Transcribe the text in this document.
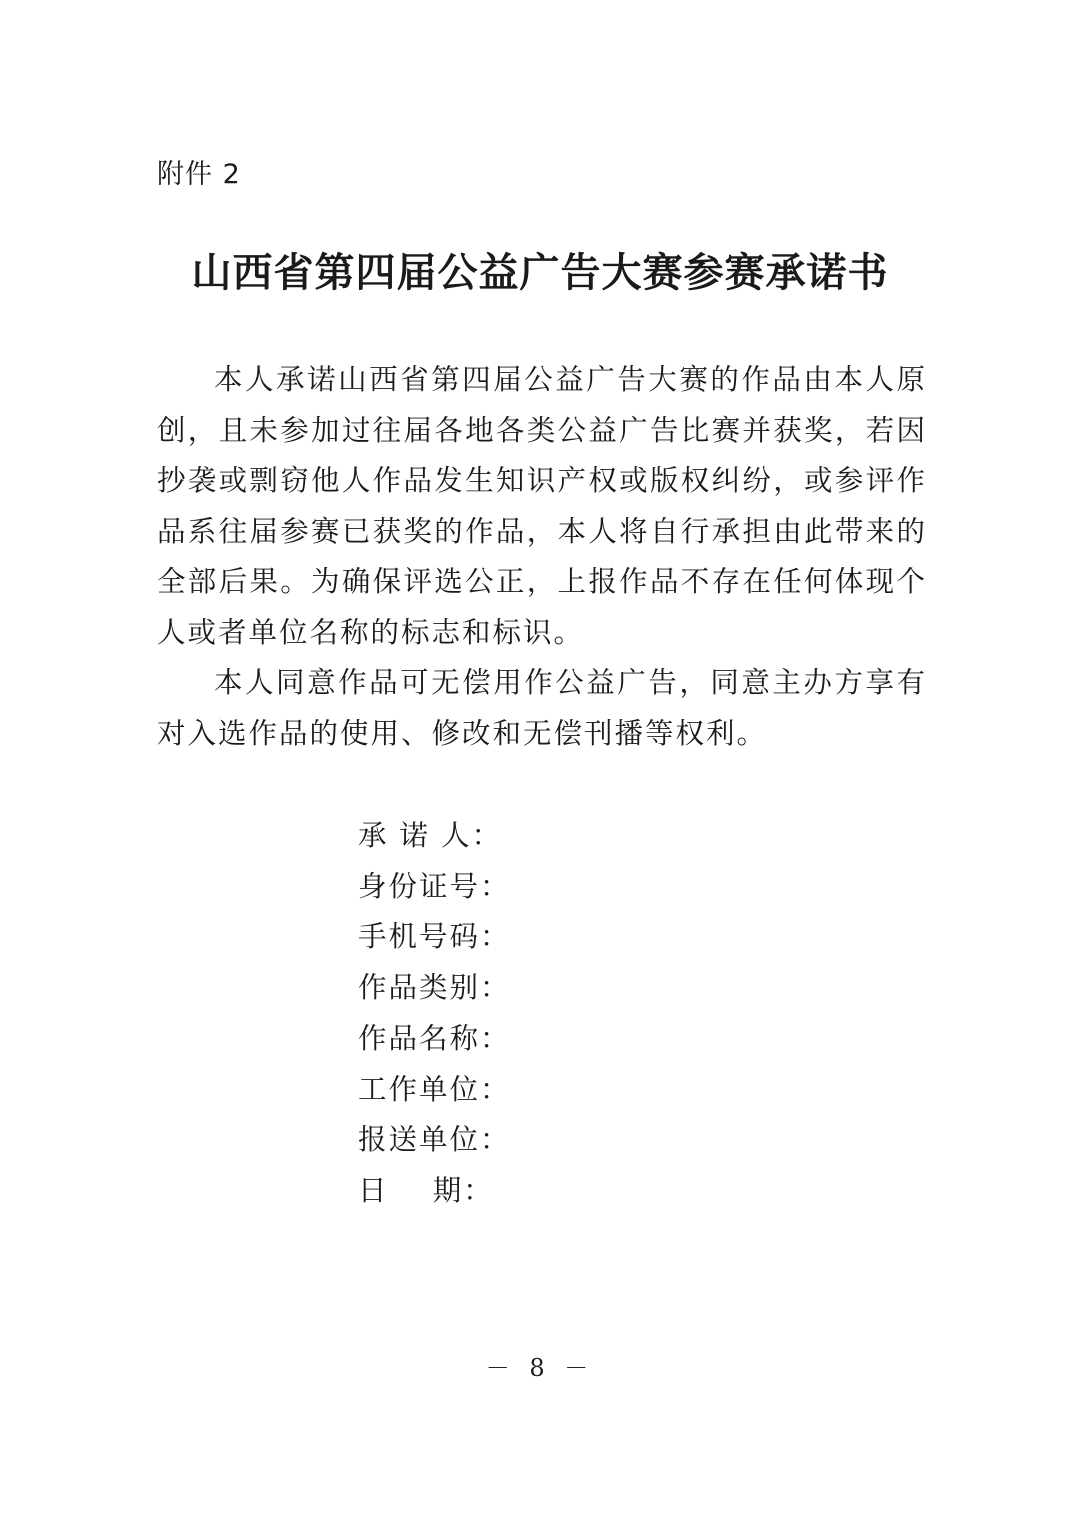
附件 2
山西省第四届公益广告大赛参赛承诺书

本人承诺山西省第四届公益广告大赛的作品由本人原创，且未参加过往届各地各类公益广告比赛并获奖，若因抄袭或剽窃他人作品发生知识产权或版权纠纷，或参评作品系往届参赛已获奖的作品，本人将自行承担由此带来的全部后果。为确保评选公正，上报作品不存在任何体现个人或者单位名称的标志和标识。

本人同意作品可无偿用作公益广告，同意主办方享有对入选作品的使用、修改和无偿刊播等权利。

承 诺 人：
身份证号：
手机号码：
作品类别：
作品名称：
工作单位：
报送单位：
日    期：
－ 8 －
